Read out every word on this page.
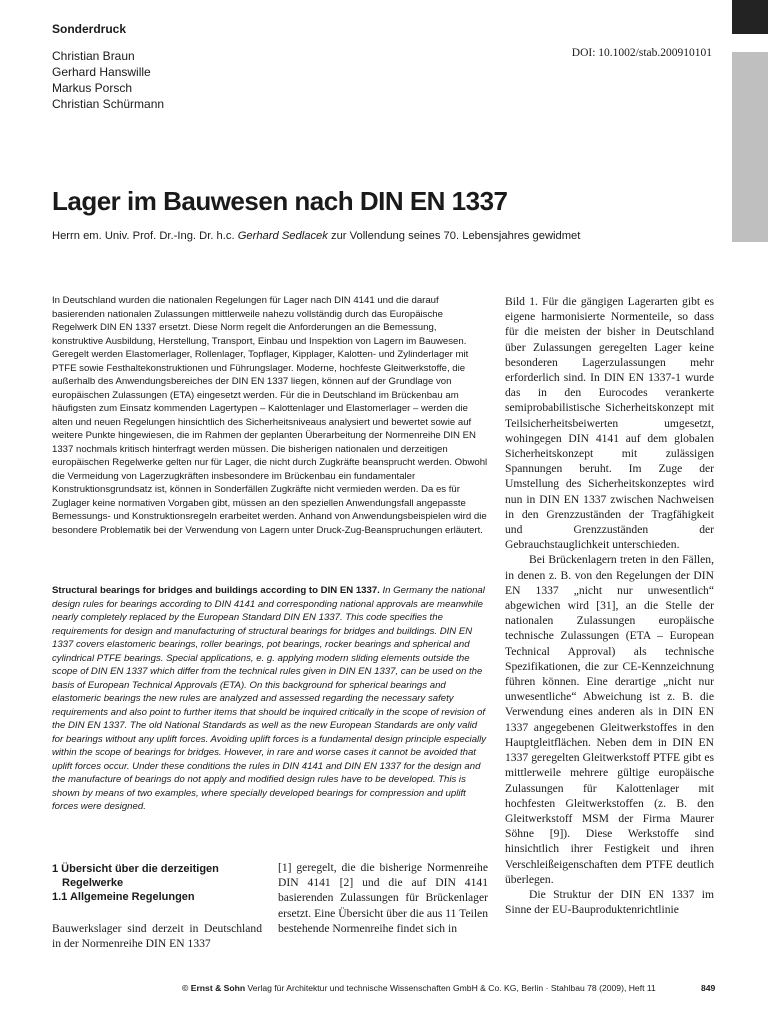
Sonderdruck
Christian Braun
Gerhard Hanswille
Markus Porsch
Christian Schürmann
DOI: 10.1002/stab.200910101
Lager im Bauwesen nach DIN EN 1337
Herrn em. Univ. Prof. Dr.-Ing. Dr. h.c. Gerhard Sedlacek zur Vollendung seines 70. Lebensjahres gewidmet

In Deutschland wurden die nationalen Regelungen für Lager nach DIN 4141 und die darauf basierenden nationalen Zulassungen mittlerweile nahezu vollständig durch das Europäische Regelwerk DIN EN 1337 ersetzt. Diese Norm regelt die Anforderungen an die Bemessung, konstruktive Ausbildung, Herstellung, Transport, Einbau und Inspektion von Lagern im Bauwesen. Geregelt werden Elastomerlager, Rollenlager, Topflager, Kipplager, Kalotten- und Zylinderlager mit PTFE sowie Festhaltekonstruktionen und Führungslager. Moderne, hochfeste Gleitwerkstoffe, die außerhalb des Anwendungsbereiches der DIN EN 1337 liegen, können auf der Grundlage von europäischen Zulassungen (ETA) eingesetzt werden. Für die in Deutschland im Brückenbau am häufigsten zum Einsatz kommenden Lagertypen – Kalottenlager und Elastomerlager – werden die alten und neuen Regelungen hinsichtlich des Sicherheitsniveaus analysiert und bewertet sowie auf weitere Punkte hingewiesen, die im Rahmen der geplanten Überarbeitung der Normenreihe DIN EN 1337 nochmals kritisch hinterfragt werden müssen. Die bisherigen nationalen und derzeitigen europäischen Regelwerke gelten nur für Lager, die nicht durch Zugkräfte beansprucht werden. Obwohl die Vermeidung von Lagerzugkräften insbesondere im Brückenbau ein fundamentaler Konstruktionsgrundsatz ist, können in Sonderfällen Zugkräfte nicht vermieden werden. Da es für Zuglager keine normativen Vorgaben gibt, müssen an den speziellen Anwendungsfall angepasste Bemessungs- und Konstruktionsregeln erarbeitet werden. Anhand von Anwendungsbeispielen wird die besondere Problematik bei der Verwendung von Lagern unter Druck-Zug-Beanspruchungen erläutert.

Structural bearings for bridges and buildings according to DIN EN 1337. In Germany the national design rules for bearings according to DIN 4141 and corresponding national approvals are meanwhile nearly completely replaced by the European Standard DIN EN 1337. This code specifies the requirements for design and manufacturing of structural bearings for bridges and buildings. DIN EN 1337 covers elastomeric bearings, roller bearings, pot bearings, rocker bearings and spherical and cylindrical PTFE bearings. Special applications, e. g. applying modern sliding elements outside the scope of DIN EN 1337 which differ from the technical rules given in DIN EN 1337, can be used on the basis of European Technical Approvals (ETA). On this background for spherical bearings and elastomeric bearings the new rules are analyzed and assessed regarding the necessary safety requirements and also point to further items that should be inquired critically in the scope of revision of the DIN EN 1337. The old National Standards as well as the new European Standards are only valid for bearings without any uplift forces. Avoiding uplift forces is a fundamental design principle especially within the scope of bearings for bridges. However, in rare and worse cases it cannot be avoided that uplift forces occur. Under these conditions the rules in DIN 4141 and DIN EN 1337 for the design and the manufacture of bearings do not apply and modified design rules have to be developed. This is shown by means of two examples, where specially developed bearings for compression and uplift forces were designed.

1 Übersicht über die derzeitigen
Regelwerke
1.1 Allgemeine Regelungen

Bauwerkslager sind derzeit in Deutschland in der Normenreihe DIN EN 1337

[1] geregelt, die die bisherige Normenreihe DIN 4141 [2] und die auf DIN 4141 basierenden Zulassungen für Brückenlager ersetzt. Eine Übersicht über die aus 11 Teilen bestehende Normenreihe findet sich in

Bild 1. Für die gängigen Lagerarten gibt es eigene harmonisierte Normenteile, so dass für die meisten der bisher in Deutschland über Zulassungen geregelten Lager keine besonderen Lagerzulassungen mehr erforderlich sind. In DIN EN 1337-1 wurde das in den Eurocodes verankerte semiprobabilistische Sicherheitskonzept mit Teilsicherheitsbeiwerten umgesetzt, wohingegen DIN 4141 auf dem globalen Sicherheitskonzept mit zulässigen Spannungen beruht. Im Zuge der Umstellung des Sicherheitskonzeptes wird nun in DIN EN 1337 zwischen Nachweisen in den Grenzzuständen der Tragfähigkeit und Grenzzuständen der Gebrauchstauglichkeit unterschieden.
Bei Brückenlagern treten in den Fällen, in denen z. B. von den Regelungen der DIN EN 1337 „nicht nur unwesentlich“ abgewichen wird [31], an die Stelle der nationalen Zulassungen europäische technische Zulassungen (ETA – European Technical Approval) als technische Spezifikationen, die zur CE-Kennzeichnung führen können. Eine derartige „nicht nur unwesentliche“ Abweichung ist z. B. die Verwendung eines anderen als in DIN EN 1337 angegebenen Gleitwerkstoffes in den Hauptgleitflächen. Neben dem in DIN EN 1337 geregelten Gleitwerkstoff PTFE gibt es mittlerweile mehrere gültige europäische Zulassungen für Kalottenlager mit hochfesten Gleitwerkstoffen (z. B. den Gleitwerkstoff MSM der Firma Maurer Söhne [9]). Diese Werkstoffe sind hinsichtlich ihrer Festigkeit und ihren Verschleißeigenschaften dem PTFE deutlich überlegen.
Die Struktur der DIN EN 1337 im Sinne der EU-Bauproduktenrichtlinie
© Ernst & Sohn Verlag für Architektur und technische Wissenschaften GmbH & Co. KG, Berlin · Stahlbau 78 (2009), Heft 11	849
